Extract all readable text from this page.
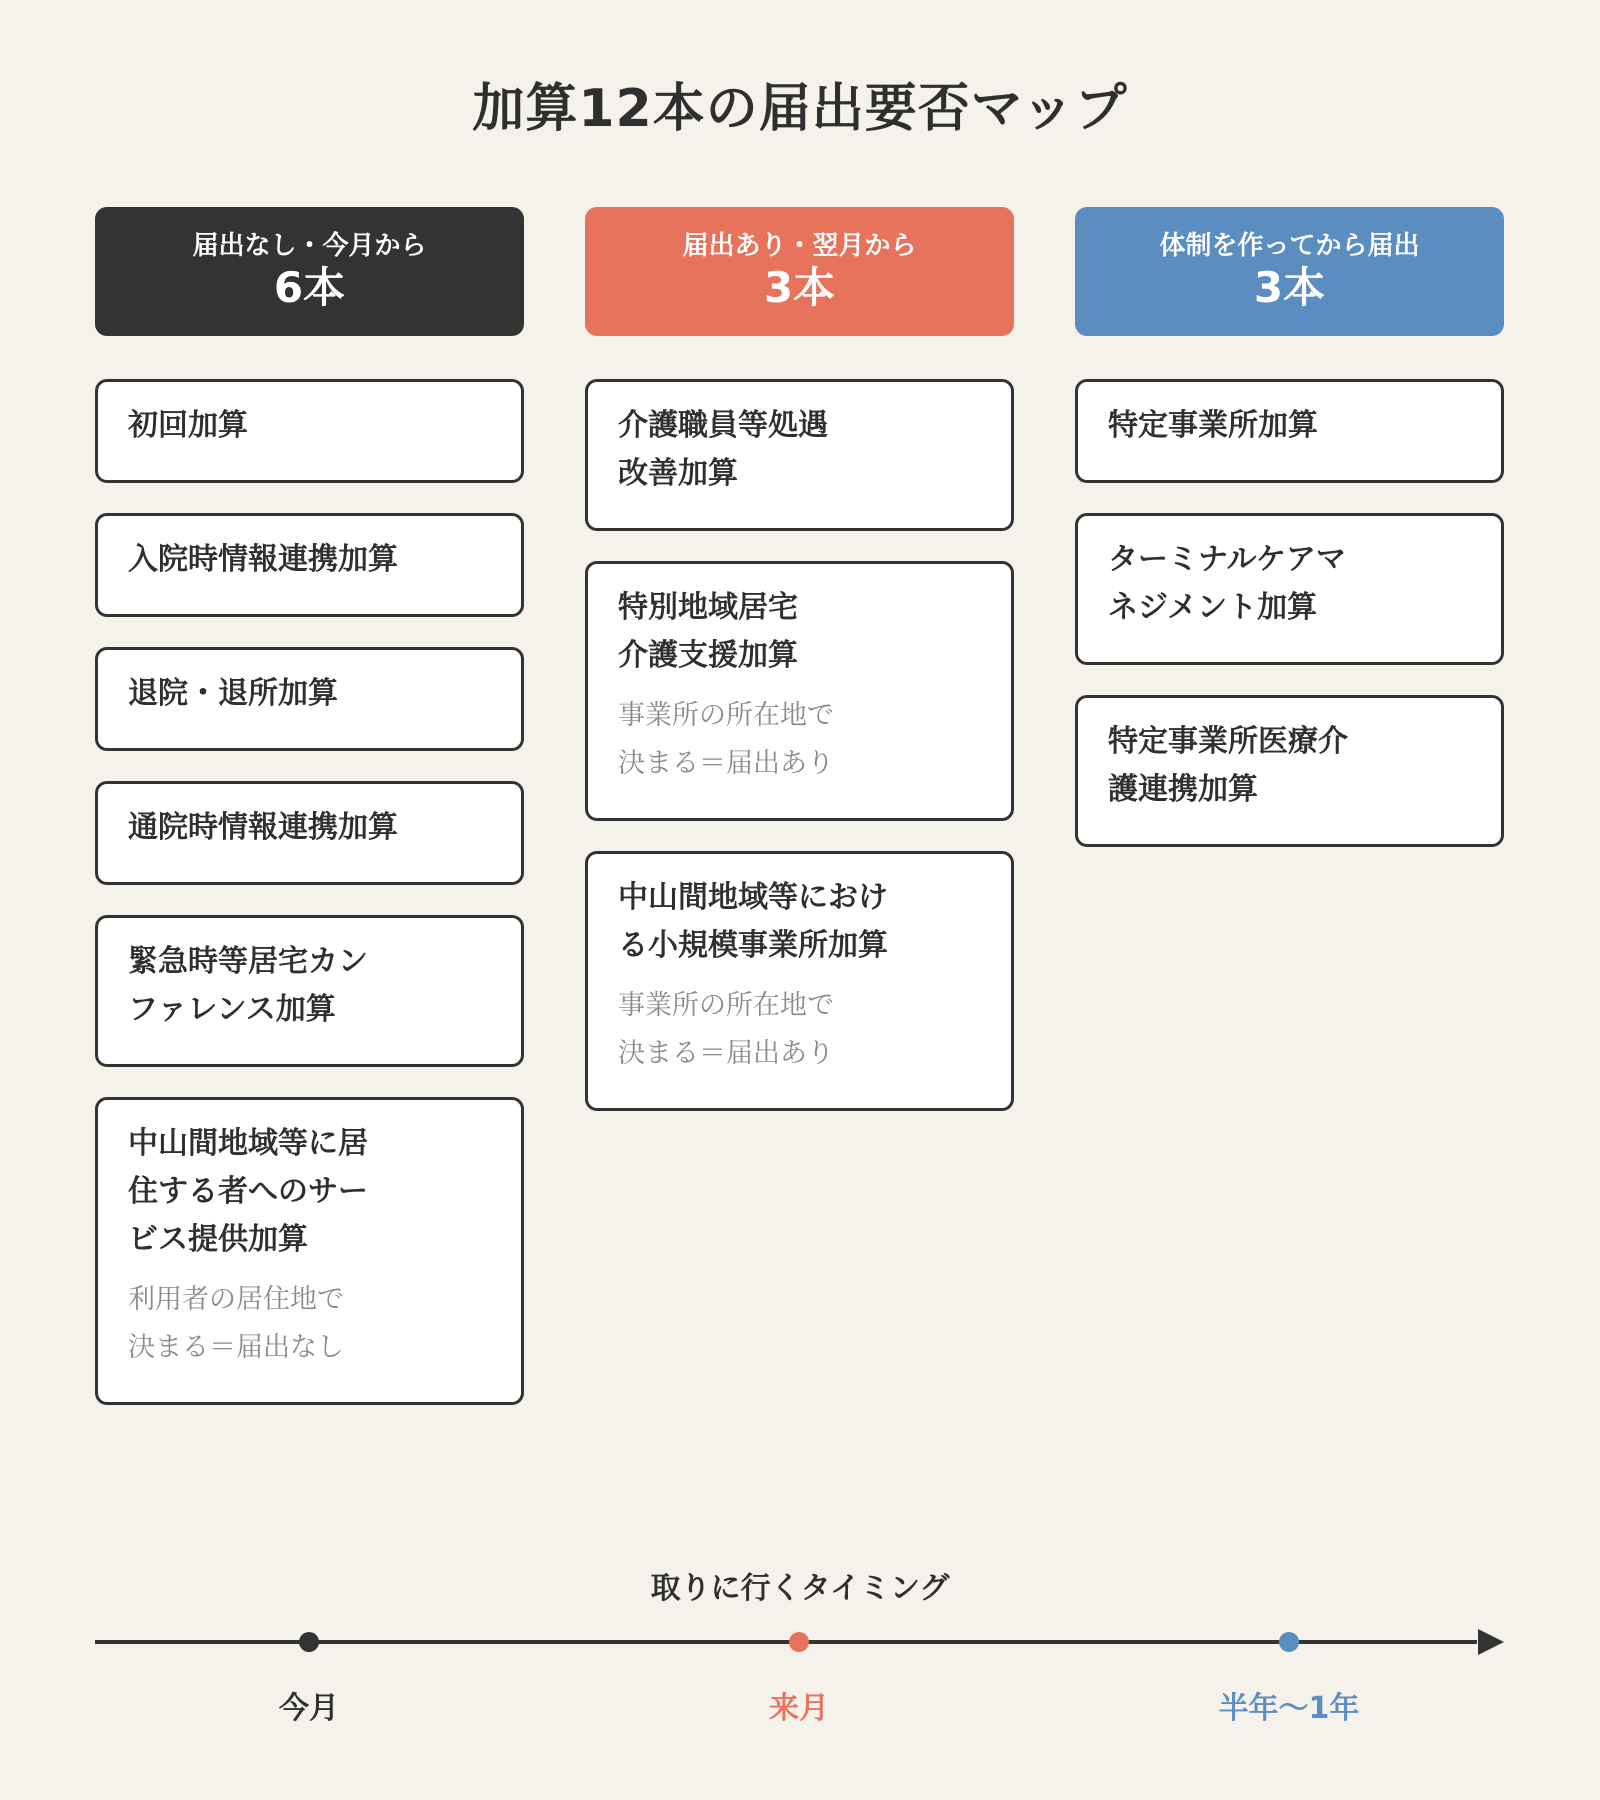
加算12本の届出要否マップ
届出なし・今月から
6本
初回加算
入院時情報連携加算
退院・退所加算
通院時情報連携加算
緊急時等居宅カン
ファレンス加算
中山間地域等に居
住する者へのサー
ビス提供加算
利用者の居住地で
決まる＝届出なし
届出あり・翌月から
3本
介護職員等処遇
改善加算
特別地域居宅
介護支援加算
事業所の所在地で
決まる＝届出あり
中山間地域等におけ
る小規模事業所加算
事業所の所在地で
決まる＝届出あり
体制を作ってから届出
3本
特定事業所加算
ターミナルケアマ
ネジメント加算
特定事業所医療介
護連携加算
取りに行くタイミング
今月	来月	半年〜1年
